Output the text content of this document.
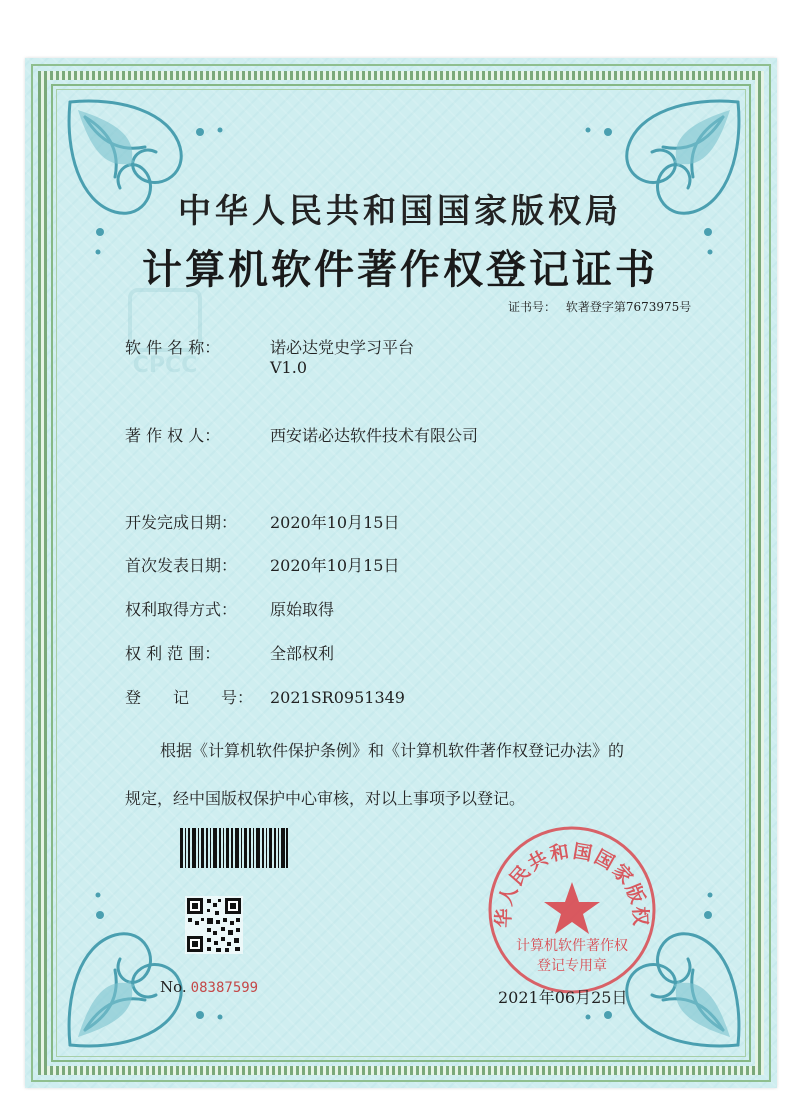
CPCC
中华人民共和国国家版权局
计算机软件著作权登记证书
证书号： 软著登字第7673975号
软 件 名 称：	诺必达党史学习平台
V1.0
著 作 权 人：	西安诺必达软件技术有限公司
开发完成日期： 2020年10月15日
首次发表日期： 2020年10月15日
权利取得方式： 原始取得
权 利 范 围：	全部权利
登　　记　　号： 2021SR0951349
根据《计算机软件保护条例》和《计算机软件著作权登记办法》的
规定，经中国版权保护中心审核，对以上事项予以登记。
No. 08387599
华人民共和国国家版权
计算机软件著作权
登记专用章
2021年06月25日
